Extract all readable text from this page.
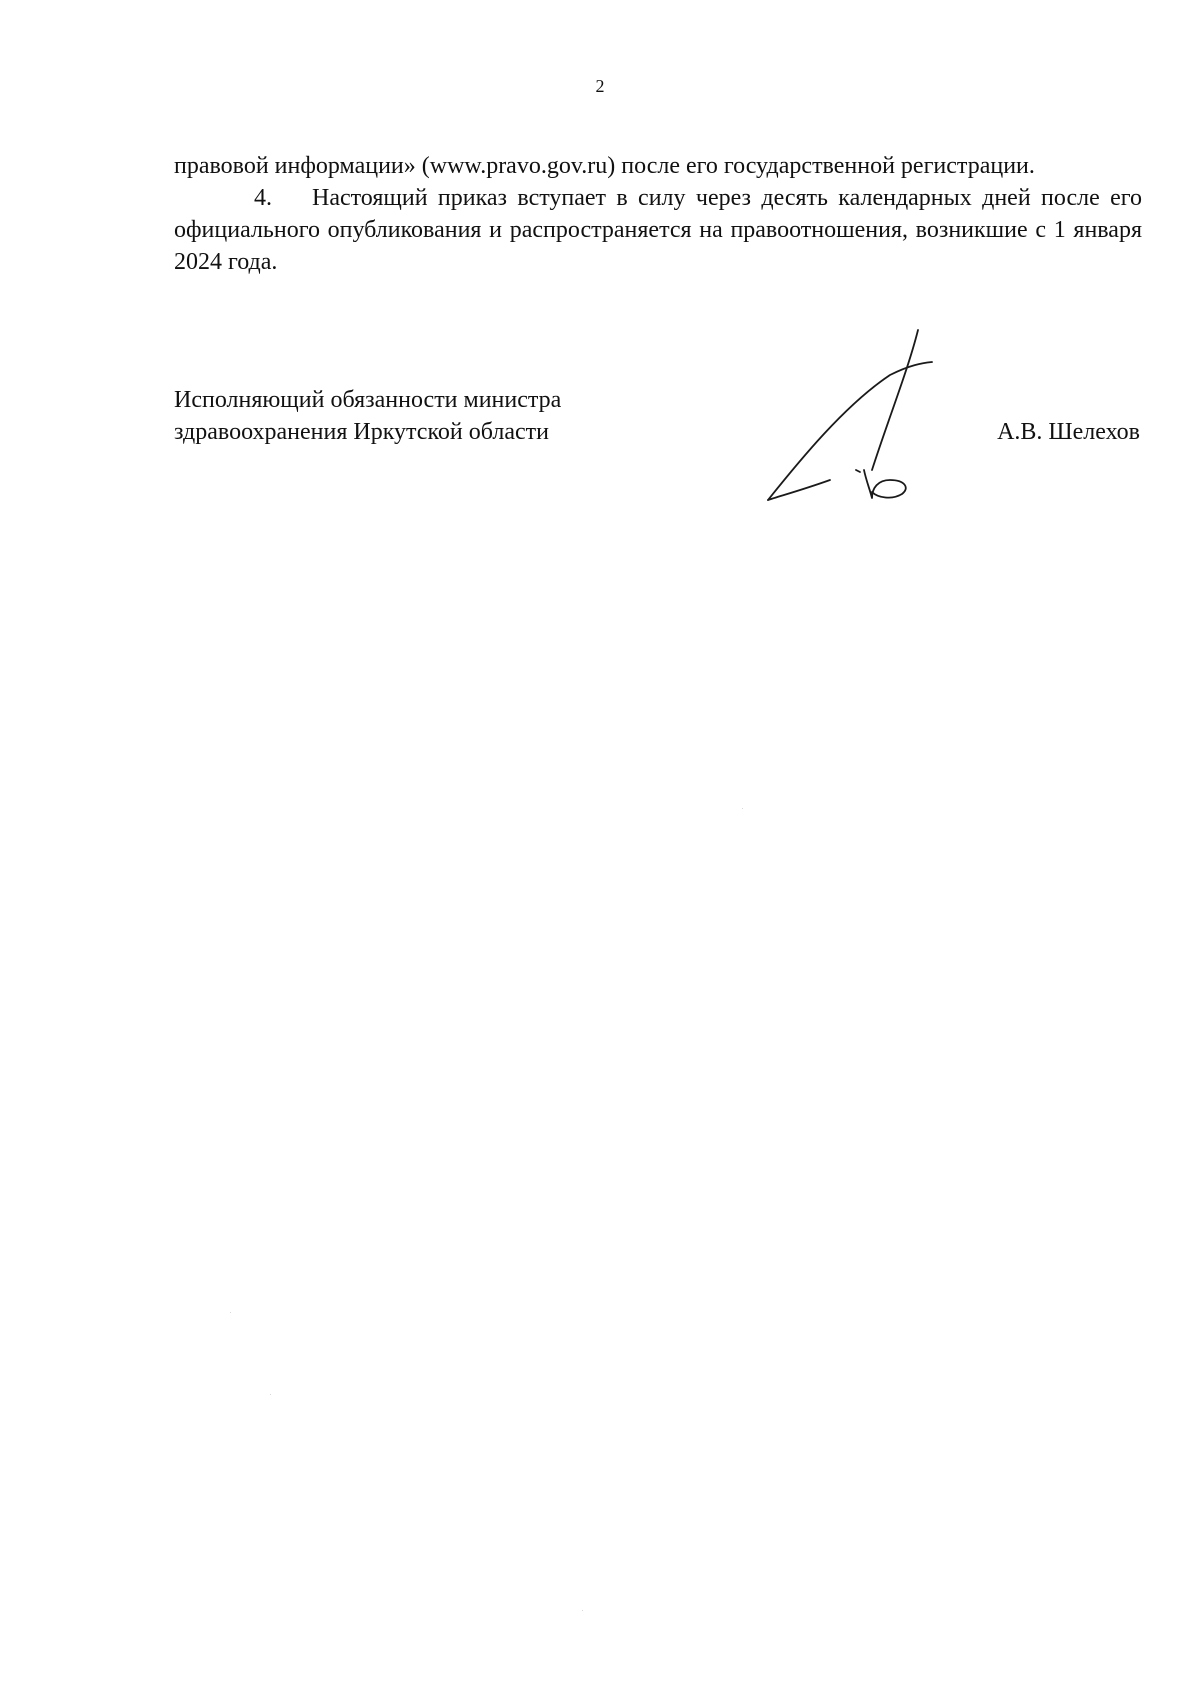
2

правовой информации» (www.pravo.gov.ru) после его государственной регистрации.

4. Настоящий приказ вступает в силу через десять календарных дней после его официального опубликования и распространяется на правоотношения, возникшие с 1 января 2024 года.

Исполняющий обязанности министра
здравоохранения Иркутской области	А.В. Шелехов
